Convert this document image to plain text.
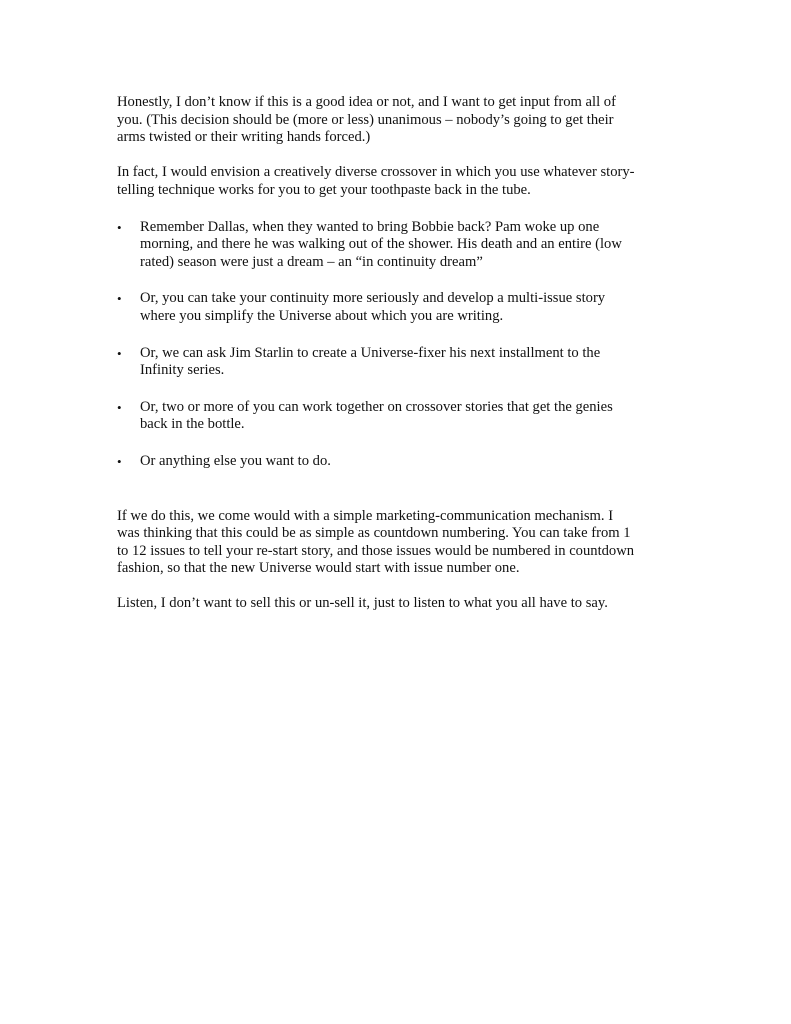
Honestly, I don’t know if this is a good idea or not, and I want to get input from all of
you. (This decision should be (more or less) unanimous – nobody’s going to get their
arms twisted or their writing hands forced.)

In fact, I would envision a creatively diverse crossover in which you use whatever story-
telling technique works for you to get your toothpaste back in the tube.

•	Remember Dallas, when they wanted to bring Bobbie back? Pam woke up one
morning, and there he was walking out of the shower. His death and an entire (low
rated) season were just a dream – an “in continuity dream”
•	Or, you can take your continuity more seriously and develop a multi-issue story
where you simplify the Universe about which you are writing.
•	Or, we can ask Jim Starlin to create a Universe-fixer his next installment to the
Infinity series.
•	Or, two or more of you can work together on crossover stories that get the genies
back in the bottle.
•	Or anything else you want to do.

If we do this, we come would with a simple marketing-communication mechanism. I
was thinking that this could be as simple as countdown numbering. You can take from 1
to 12 issues to tell your re-start story, and those issues would be numbered in countdown
fashion, so that the new Universe would start with issue number one.

Listen, I don’t want to sell this or un-sell it, just to listen to what you all have to say.
